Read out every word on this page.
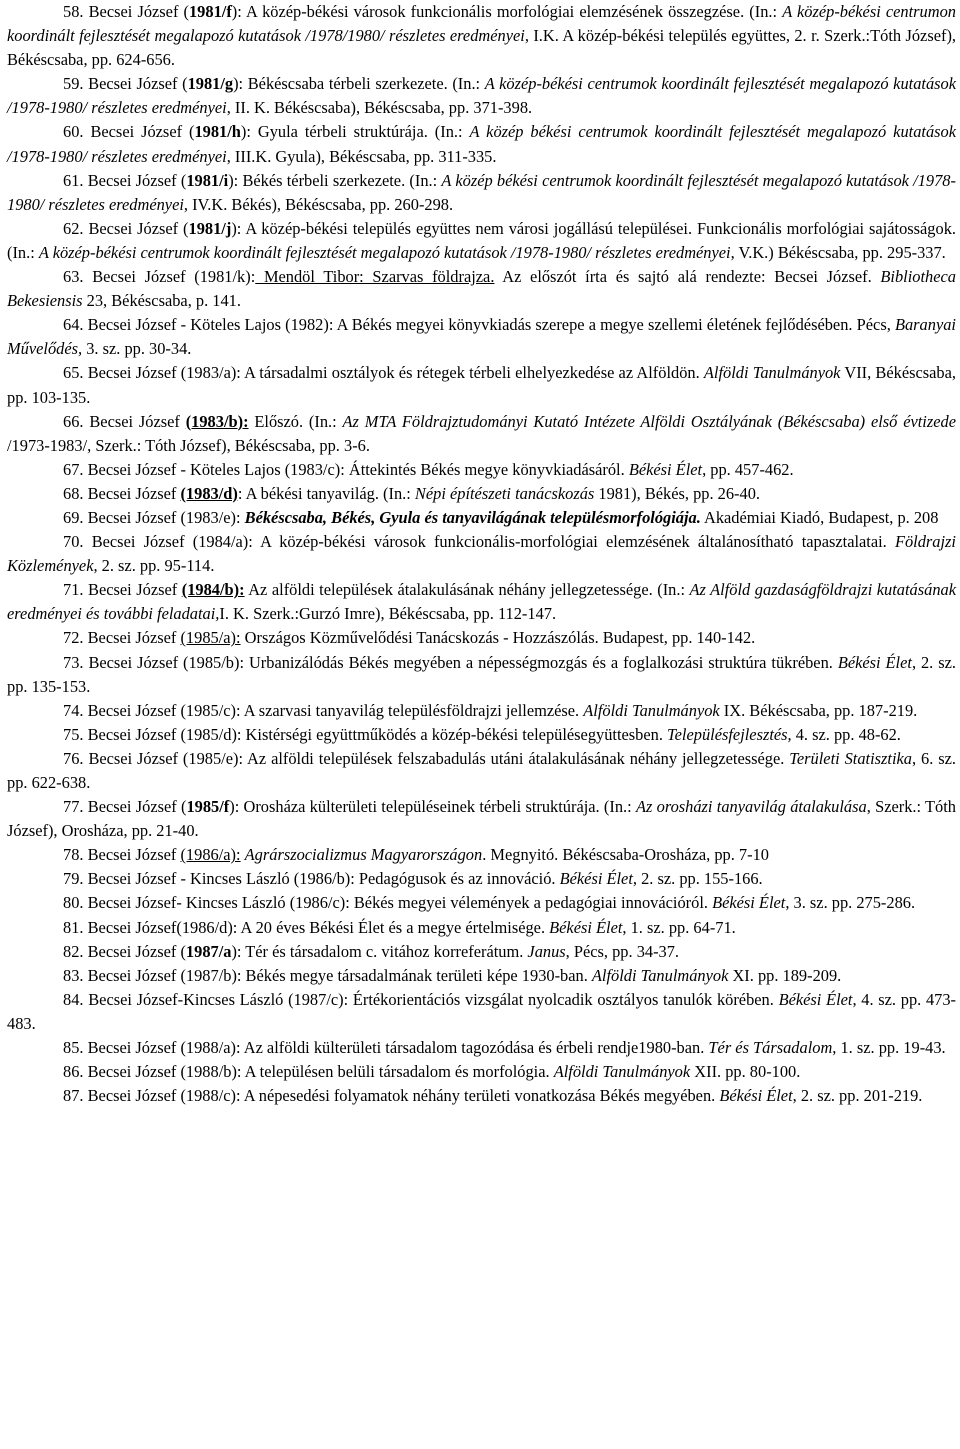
58. Becsei József (1981/f): A közép-békési városok funkcionális morfológiai elemzésének összegzése. (In.: A közép-békési centrumon koordinált fejlesztését megalapozó kutatások /1978/1980/ részletes eredményei, I.K. A közép-békési település együttes, 2. r. Szerk.:Tóth József), Békéscsaba, pp. 624-656.

59. Becsei József (1981/g): Békéscsaba térbeli szerkezete. (In.: A közép-békési centrumok koordinált fejlesztését megalapozó kutatások /1978-1980/ részletes eredményei, II. K. Békéscsaba), Békéscsaba, pp. 371-398.

60. Becsei József (1981/h): Gyula térbeli struktúrája. (In.: A közép békési centrumok koordinált fejlesztését megalapozó kutatások /1978-1980/ részletes eredményei, III.K. Gyula), Békéscsaba, pp. 311-335.

61. Becsei József (1981/i): Békés térbeli szerkezete. (In.: A közép békési centrumok koordinált fejlesztését megalapozó kutatások /1978-1980/ részletes eredményei, IV.K. Békés), Békéscsaba, pp. 260-298.

62. Becsei József (1981/j): A közép-békési település együttes nem városi jogállású települései. Funkcionális morfológiai sajátosságok. (In.: A közép-békési centrumok koordinált fejlesztését megalapozó kutatások /1978-1980/ részletes eredményei, V.K.) Békéscsaba, pp. 295-337.

63. Becsei József (1981/k): Mendöl Tibor: Szarvas földrajza. Az előszót írta és sajtó alá rendezte: Becsei József. Bibliotheca Bekesiensis 23, Békéscsaba, p. 141.

64. Becsei József - Köteles Lajos (1982): A Békés megyei könyvkiadás szerepe a megye szellemi életének fejlődésében. Pécs, Baranyai Művelődés, 3. sz. pp. 30-34.

65. Becsei József (1983/a): A társadalmi osztályok és rétegek térbeli elhelyezkedése az Alföldön. Alföldi Tanulmányok VII, Békéscsaba, pp. 103-135.

66. Becsei József (1983/b): Előszó. (In.: Az MTA Földrajztudományi Kutató Intézete Alföldi Osztályának (Békéscsaba) első évtizede /1973-1983/, Szerk.: Tóth József), Békéscsaba, pp. 3-6.

67. Becsei József - Köteles Lajos (1983/c): Áttekintés Békés megye könyvkiadásáról. Békési Élet, pp. 457-462.

68. Becsei József (1983/d): A békési tanyavilág. (In.: Népi építészeti tanácskozás 1981), Békés, pp. 26-40.

69. Becsei József (1983/e): Békéscsaba, Békés, Gyula és tanyavilágának településmorfológiája. Akadémiai Kiadó, Budapest, p. 208

70. Becsei József (1984/a): A közép-békési városok funkcionális-morfológiai elemzésének általánosítható tapasztalatai. Földrajzi Közlemények, 2. sz. pp. 95-114.

71. Becsei József (1984/b): Az alföldi települések átalakulásának néhány jellegzetessége. (In.: Az Alföld gazdaságföldrajzi kutatásának eredményei és további feladatai,I. K. Szerk.:Gurzó Imre), Békéscsaba, pp. 112-147.

72. Becsei József (1985/a): Országos Közművelődési Tanácskozás - Hozzászólás. Budapest, pp. 140-142.

73. Becsei József (1985/b): Urbanizálódás Békés megyében a népességmozgás és a foglalkozási struktúra tükrében. Békési Élet, 2. sz. pp. 135-153.

74. Becsei József (1985/c): A szarvasi tanyavilág településföldrajzi jellemzése. Alföldi Tanulmányok IX. Békéscsaba, pp. 187-219.

75. Becsei József (1985/d): Kistérségi együttműködés a közép-békési településegyüttesben. Településfejlesztés, 4. sz. pp. 48-62.

76. Becsei József (1985/e): Az alföldi települések felszabadulás utáni átalakulásának néhány jellegzetessége. Területi Statisztika, 6. sz. pp. 622-638.

77. Becsei József (1985/f): Orosháza külterületi településeinek térbeli struktúrája. (In.: Az orosházi tanyavilág átalakulása, Szerk.: Tóth József), Orosháza, pp. 21-40.

78. Becsei József (1986/a): Agrárszocializmus Magyarországon. Megnyitó. Békéscsaba-Orosháza, pp. 7-10

79. Becsei József - Kincses László (1986/b): Pedagógusok és az innováció. Békési Élet, 2. sz. pp. 155-166.

80. Becsei József- Kincses László (1986/c): Békés megyei vélemények a pedagógiai innovációról. Békési Élet, 3. sz. pp. 275-286.

81. Becsei József(1986/d): A 20 éves Békési Élet és a megye értelmisége. Békési Élet, 1. sz. pp. 64-71.

82. Becsei József (1987/a): Tér és társadalom c. vitához korreferátum. Janus, Pécs, pp. 34-37.

83. Becsei József (1987/b): Békés megye társadalmának területi képe 1930-ban. Alföldi Tanulmányok XI. pp. 189-209.

84. Becsei József-Kincses László (1987/c): Értékorientációs vizsgálat nyolcadik osztályos tanulók körében. Békési Élet, 4. sz. pp. 473- 483.

85. Becsei József (1988/a): Az alföldi külterületi társadalom tagozódása és érbeli rendje1980-ban. Tér és Társadalom, 1. sz. pp. 19-43.

86. Becsei József (1988/b): A településen belüli társadalom és morfológia. Alföldi Tanulmányok XII. pp. 80-100.

87. Becsei József (1988/c): A népesedési folyamatok néhány területi vonatkozása Békés megyében. Békési Élet, 2. sz. pp. 201-219.
